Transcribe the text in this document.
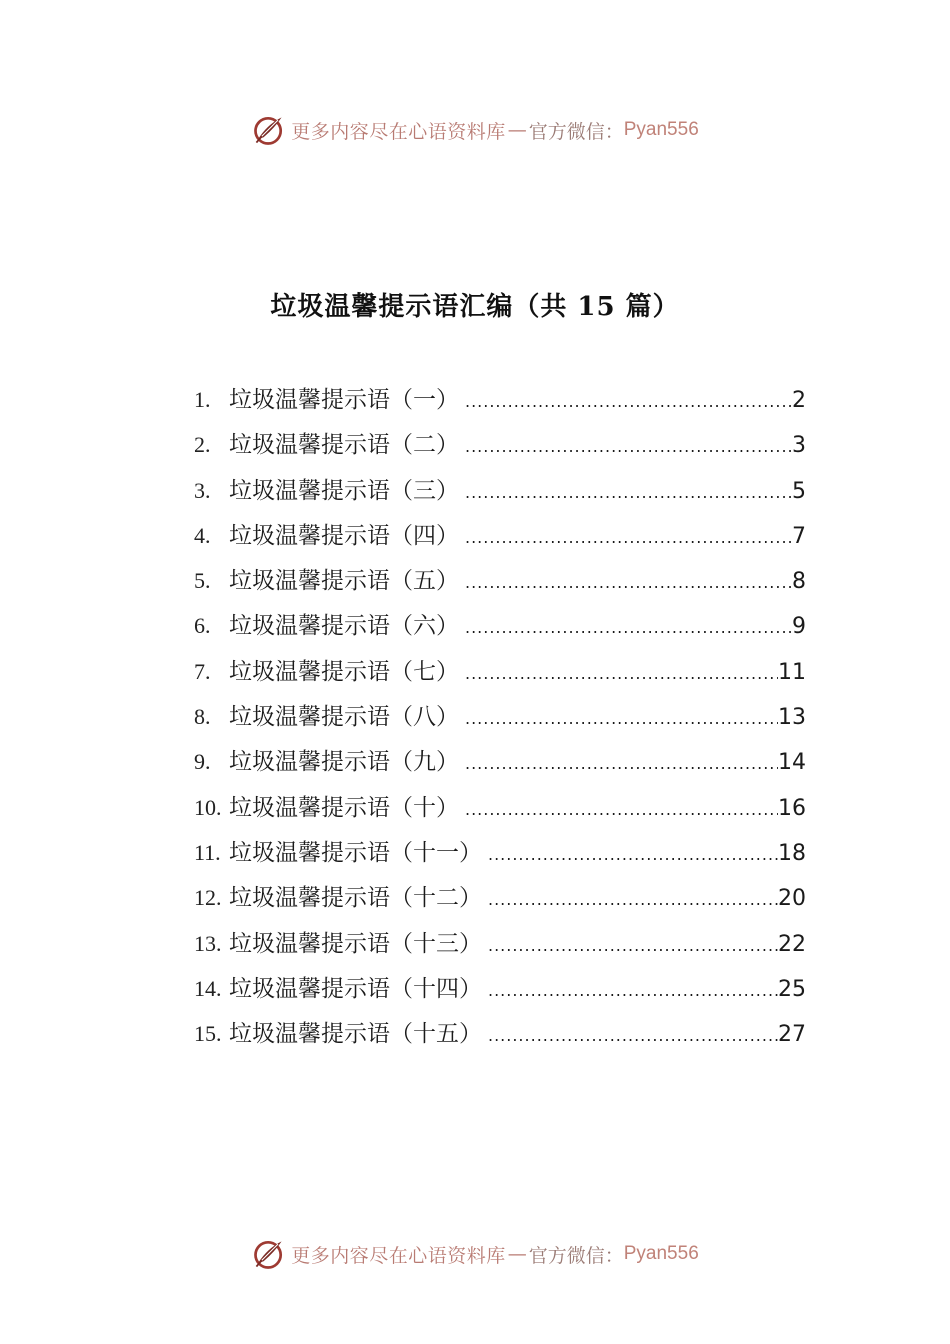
更多内容尽在心语资料库 — 官方微信： Pyan556
垃圾温馨提示语汇编（共 15 篇）
1. 垃圾温馨提示语（一） .....	2
2. 垃圾温馨提示语（二） .....	3
3. 垃圾温馨提示语（三） .....	5
4. 垃圾温馨提示语（四） .....	7
5. 垃圾温馨提示语（五） .....	8
6. 垃圾温馨提示语（六） .....	9
7. 垃圾温馨提示语（七） .....	11
8. 垃圾温馨提示语（八） .....	13
9. 垃圾温馨提示语（九） .....	14
10. 垃圾温馨提示语（十） .....	16
11. 垃圾温馨提示语（十一） .....	18
12. 垃圾温馨提示语（十二） .....	20
13. 垃圾温馨提示语（十三） .....	22
14. 垃圾温馨提示语（十四） .....	25
15. 垃圾温馨提示语（十五） .....	27
更多内容尽在心语资料库 — 官方微信： Pyan556
